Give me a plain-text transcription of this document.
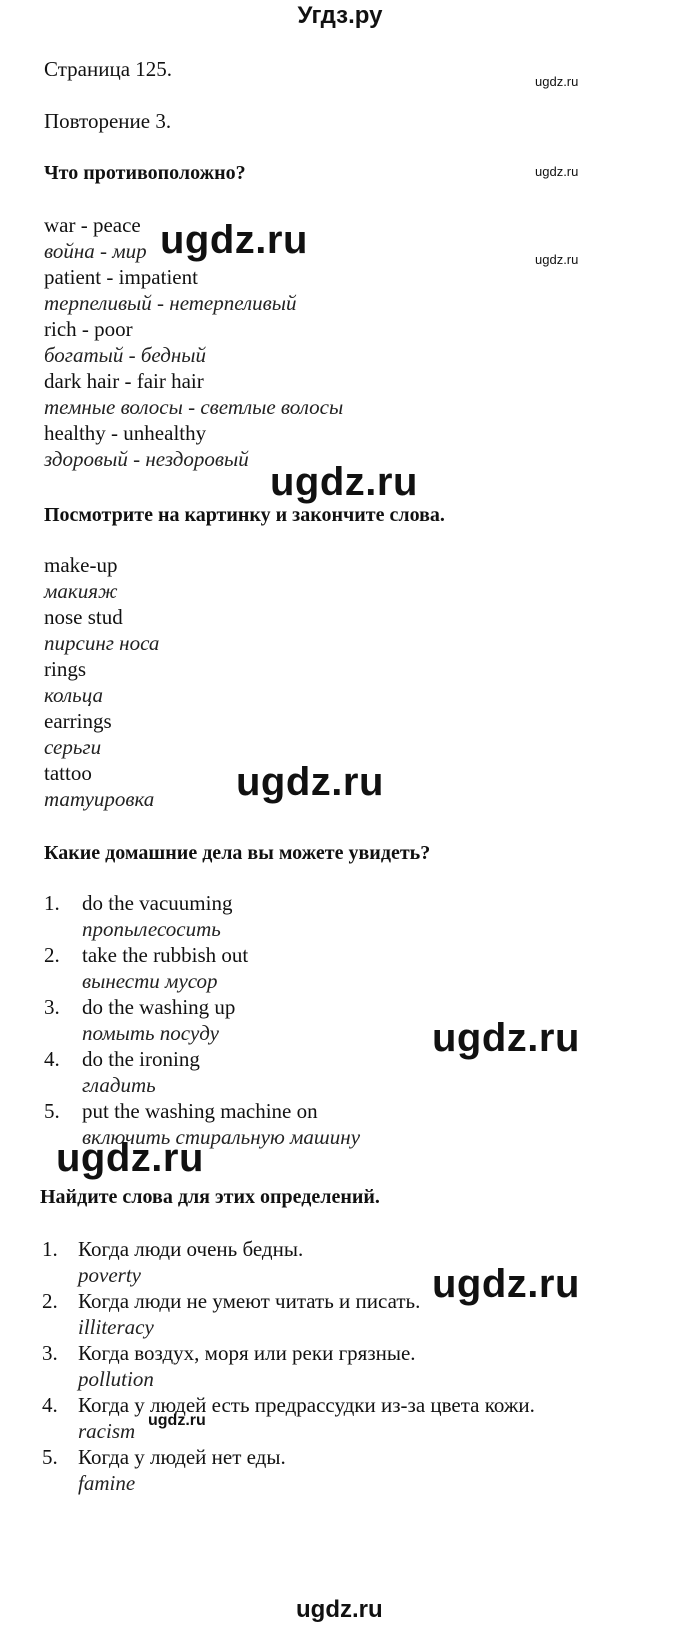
Угдз.ру
Страница 125.
Повторение 3.
Что противоположно?
war - peace
война - мир
patient - impatient
терпеливый - нетерпеливый
rich - poor
богатый - бедный
dark hair - fair hair
темные волосы - светлые волосы
healthy - unhealthy
здоровый - нездоровый
Посмотрите на картинку и закончите слова.
make-up
макияж
nose stud
пирсинг носа
rings
кольца
earrings
серьги
tattoo
татуировка
Какие домашние дела вы можете увидеть?
1. do the vacuuming
пропылесосить
2. take the rubbish out
вынести мусор
3. do the washing up
помыть посуду
4. do the ironing
гладить
5. put the washing machine on
включить стиральную машину
Найдите слова для этих определений.
1. Когда люди очень бедны.
poverty
2. Когда люди не умеют читать и писать.
illiteracy
3. Когда воздух, моря или реки грязные.
pollution
4. Когда у людей есть предрассудки из-за цвета кожи.
racism
5. Когда у людей нет еды.
famine
ugdz.ru
ugdz.ru
ugdz.ru
ugdz.ru
ugdz.ru
ugdz.ru
ugdz.ru
ugdz.ru
ugdz.ru
ugdz.ru
ugdz.ru
